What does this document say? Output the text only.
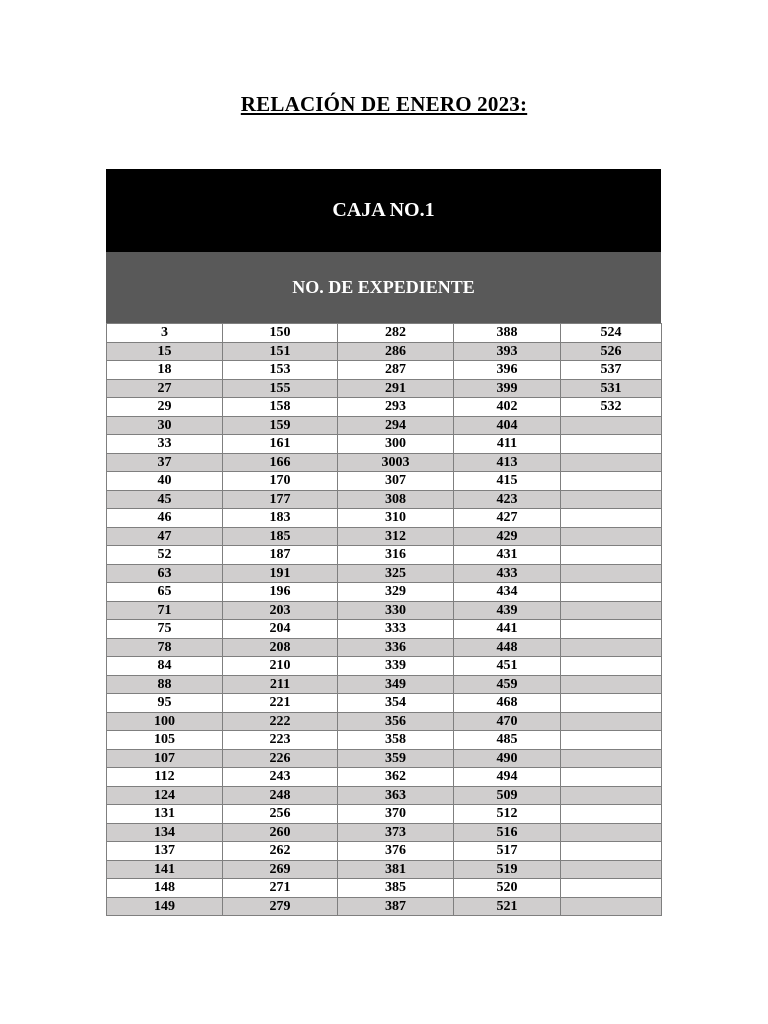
RELACIÓN DE ENERO 2023:
CAJA NO.1
NO. DE EXPEDIENTE
3	150	282	388	524
15	151	286	393	526
18	153	287	396	537
27	155	291	399	531
29	158	293	402	532
30	159	294	404	
33	161	300	411	
37	166	3003	413	
40	170	307	415	
45	177	308	423	
46	183	310	427	
47	185	312	429	
52	187	316	431	
63	191	325	433	
65	196	329	434	
71	203	330	439	
75	204	333	441	
78	208	336	448	
84	210	339	451	
88	211	349	459	
95	221	354	468	
100	222	356	470	
105	223	358	485	
107	226	359	490	
112	243	362	494	
124	248	363	509	
131	256	370	512	
134	260	373	516	
137	262	376	517	
141	269	381	519	
148	271	385	520	
149	279	387	521	
